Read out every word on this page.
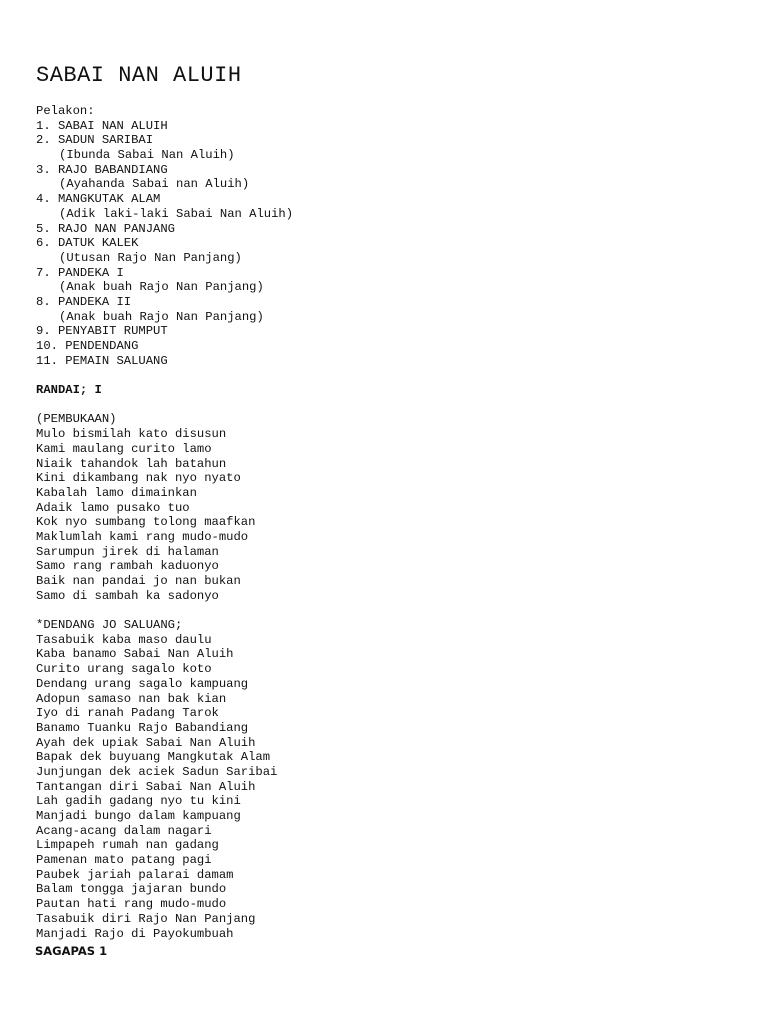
SABAI NAN ALUIH
Pelakon:
1. SABAI NAN ALUIH
2. SADUN SARIBAI
(Ibunda Sabai Nan Aluih)
3. RAJO BABANDIANG
(Ayahanda Sabai nan Aluih)
4. MANGKUTAK ALAM
(Adik laki-laki Sabai Nan Aluih)
5. RAJO NAN PANJANG
6. DATUK KALEK
(Utusan Rajo Nan Panjang)
7. PANDEKA I
(Anak buah Rajo Nan Panjang)
8. PANDEKA II
(Anak buah Rajo Nan Panjang)
9. PENYABIT RUMPUT
10. PENDENDANG
11. PEMAIN SALUANG
RANDAI; I
(PEMBUKAAN)
Mulo bismilah kato disusun
Kami maulang curito lamo
Niaik tahandok lah batahun
Kini dikambang nak nyo nyato
Kabalah lamo dimainkan
Adaik lamo pusako tuo
Kok nyo sumbang tolong maafkan
Maklumlah kami rang mudo-mudo
Sarumpun jirek di halaman
Samo rang rambah kaduonyo
Baik nan pandai jo nan bukan
Samo di sambah ka sadonyo
*DENDANG JO SALUANG;
Tasabuik kaba maso daulu
Kaba banamo Sabai Nan Aluih
Curito urang sagalo koto
Dendang urang sagalo kampuang
Adopun samaso nan bak kian
Iyo di ranah Padang Tarok
Banamo Tuanku Rajo Babandiang
Ayah dek upiak Sabai Nan Aluih
Bapak dek buyuang Mangkutak Alam
Junjungan dek aciek Sadun Saribai
Tantangan diri Sabai Nan Aluih
Lah gadih gadang nyo tu kini
Manjadi bungo dalam kampuang
Acang-acang dalam nagari
Limpapeh rumah nan gadang
Pamenan mato patang pagi
Paubek jariah palarai damam
Balam tongga jajaran bundo
Pautan hati rang mudo-mudo
Tasabuik diri Rajo Nan Panjang
Manjadi Rajo di Payokumbuah
SAGAPAS 1
